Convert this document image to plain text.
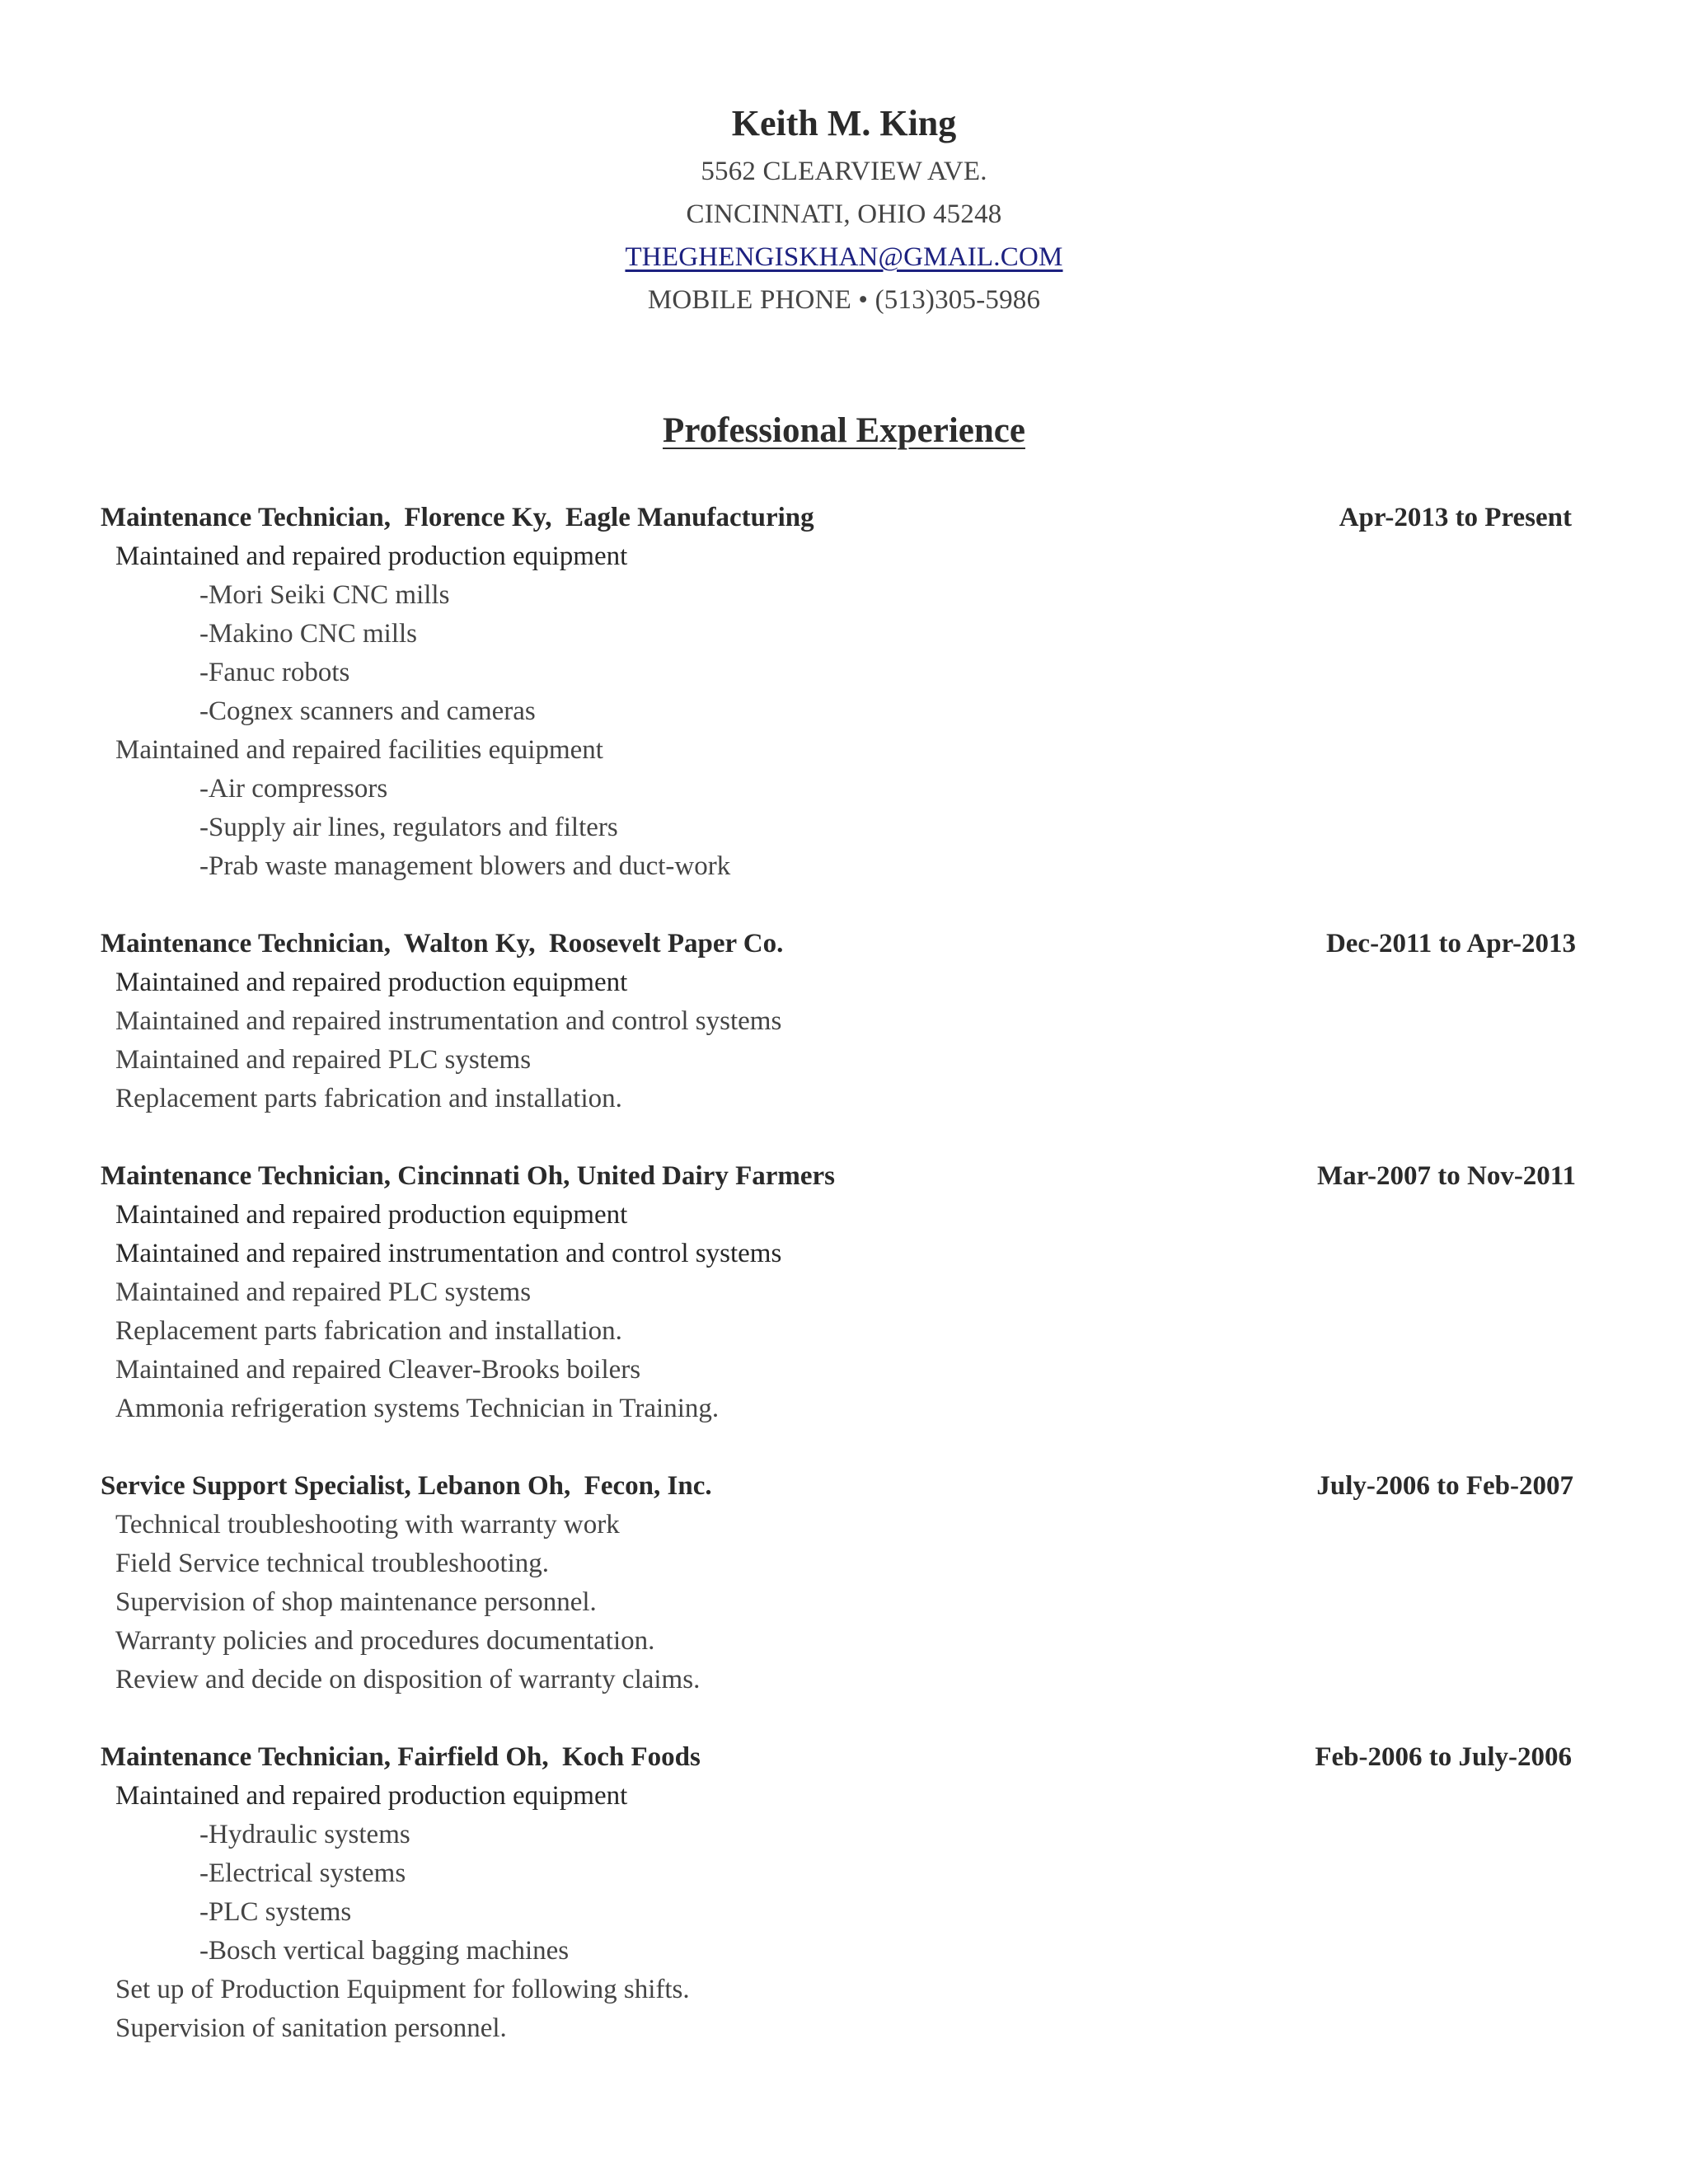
Keith M. King

5562 CLEARVIEW AVE.

CINCINNATI, OHIO 45248

THEGHENGISKHAN@GMAIL.COM

MOBILE PHONE • (513)305-5986

Professional Experience

Maintenance Technician,  Florence Ky,  Eagle Manufacturing	Apr-2013 to Present
Maintained and repaired production equipment
-Mori Seiki CNC mills
-Makino CNC mills
-Fanuc robots
-Cognex scanners and cameras
Maintained and repaired facilities equipment
-Air compressors
-Supply air lines, regulators and filters
-Prab waste management blowers and duct-work
Maintenance Technician,  Walton Ky,  Roosevelt Paper Co.	Dec-2011 to Apr-2013
Maintained and repaired production equipment
Maintained and repaired instrumentation and control systems
Maintained and repaired PLC systems
Replacement parts fabrication and installation.
Maintenance Technician, Cincinnati Oh, United Dairy Farmers	Mar-2007 to Nov-2011
Maintained and repaired production equipment
Maintained and repaired instrumentation and control systems
Maintained and repaired PLC systems
Replacement parts fabrication and installation.
Maintained and repaired Cleaver-Brooks boilers
Ammonia refrigeration systems Technician in Training.
Service Support Specialist, Lebanon Oh,  Fecon, Inc.	July-2006 to Feb-2007
Technical troubleshooting with warranty work
Field Service technical troubleshooting.
Supervision of shop maintenance personnel.
Warranty policies and procedures documentation.
Review and decide on disposition of warranty claims.
Maintenance Technician, Fairfield Oh,  Koch Foods	Feb-2006 to July-2006
Maintained and repaired production equipment
-Hydraulic systems
-Electrical systems
-PLC systems
-Bosch vertical bagging machines
Set up of Production Equipment for following shifts.
Supervision of sanitation personnel.
